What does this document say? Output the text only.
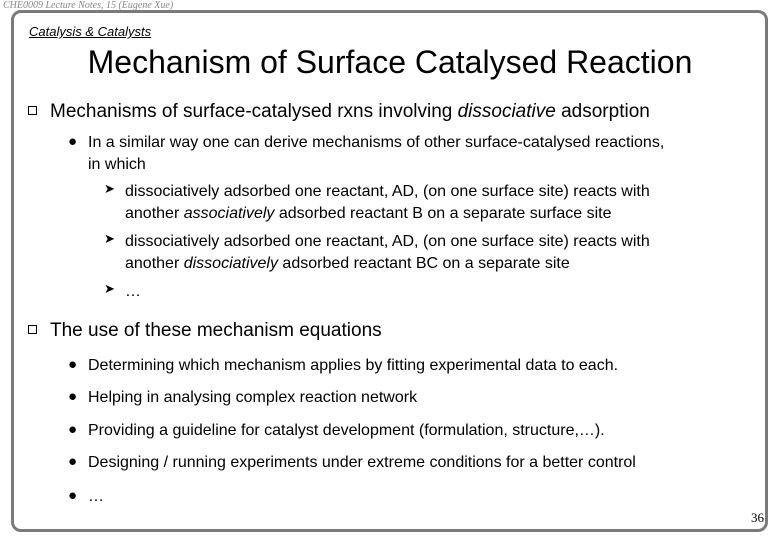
CHE0009 Lecture Notes, 15 (Eugene Xue)
Catalysis & Catalysts
Mechanism of Surface Catalysed Reaction
Mechanisms of surface-catalysed rxns involving dissociative adsorption
● In a similar way one can derive mechanisms of other surface-catalysed reactions,
in which
➤ dissociatively adsorbed one reactant, AD, (on one surface site) reacts with
another associatively adsorbed reactant B on a separate surface site
➤ dissociatively adsorbed one reactant, AD, (on one surface site) reacts with
another dissociatively adsorbed reactant BC on a separate site
➤ …
The use of these mechanism equations
● Determining which mechanism applies by fitting experimental data to each.
● Helping in analysing complex reaction network
● Providing a guideline for catalyst development (formulation, structure,…).
● Designing / running experiments under extreme conditions for a better control
● …
36
